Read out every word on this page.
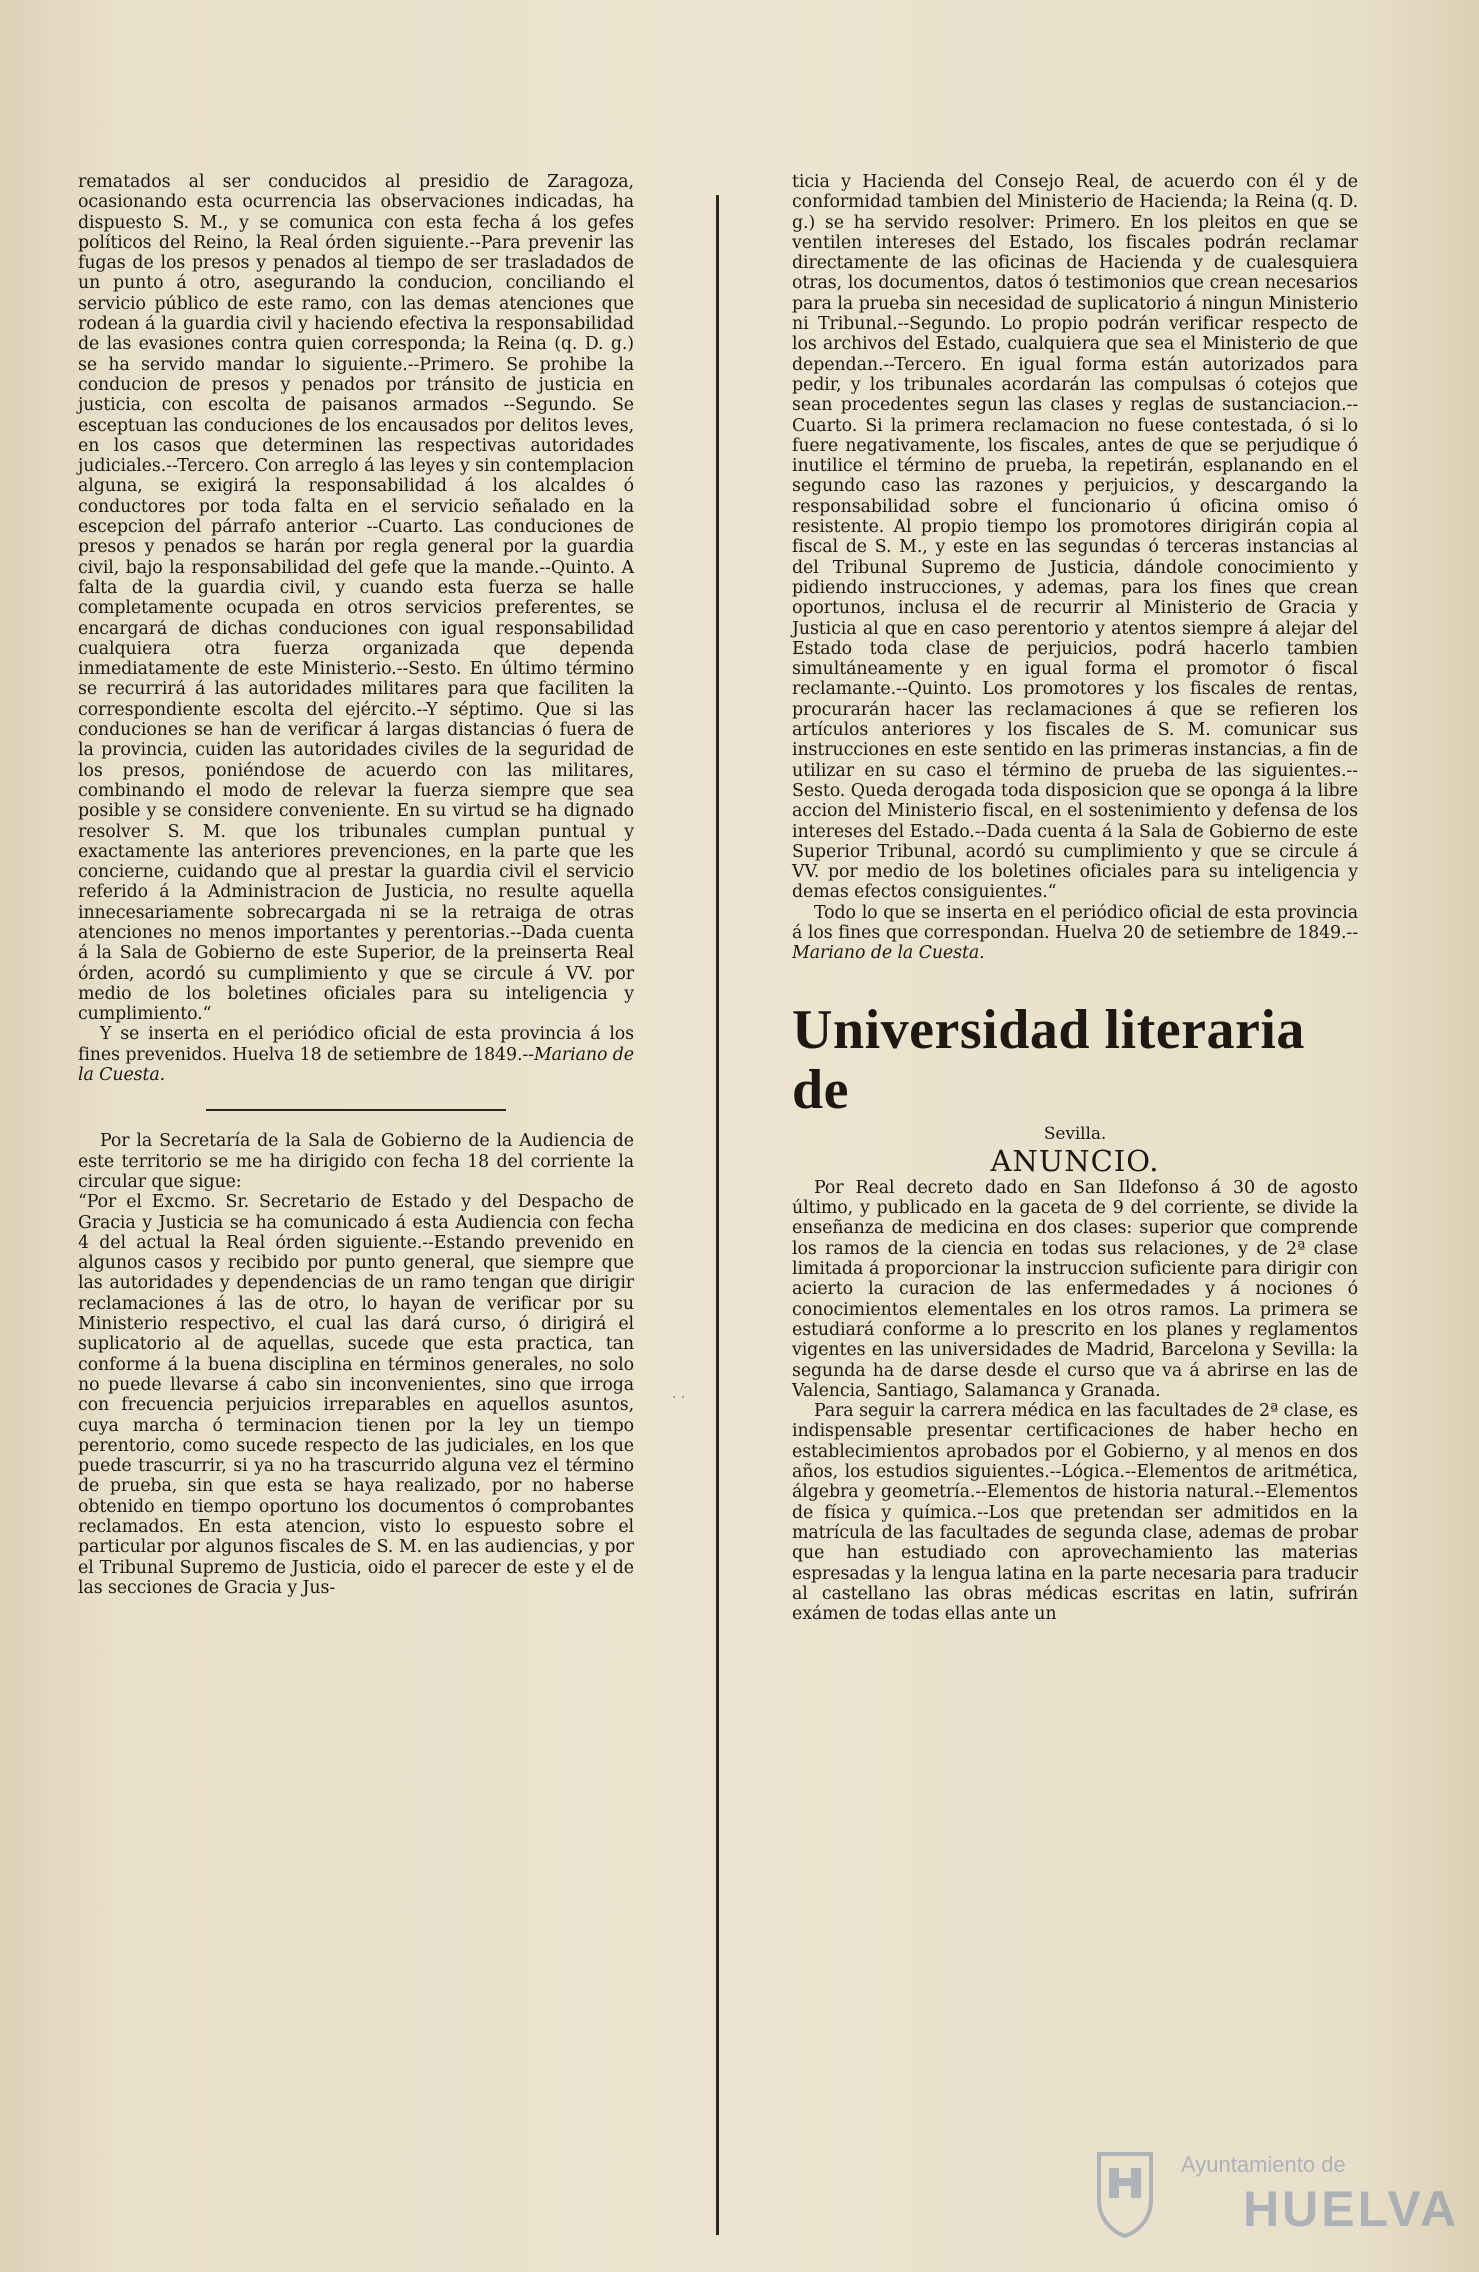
rematados al ser conducidos al presidio de Zaragoza, ocasionando esta ocurrencia las observaciones indicadas, ha dispuesto S. M., y se comunica con esta fecha á los gefes políticos del Reino, la Real órden siguiente.--Para prevenir las fugas de los presos y penados al tiempo de ser trasladados de un punto á otro, asegurando la conducion, conciliando el servicio público de este ramo, con las demas atenciones que rodean á la guardia civil y haciendo efectiva la responsabilidad de las evasiones contra quien corresponda; la Reina (q. D. g.) se ha servido mandar lo siguiente.--Primero. Se prohibe la conducion de presos y penados por tránsito de justicia en justicia, con escolta de paisanos armados --Segundo. Se esceptuan las conduciones de los encausados por delitos leves, en los casos que determinen las respectivas autoridades judiciales.--Tercero. Con arreglo á las leyes y sin contemplacion alguna, se exigirá la responsabilidad á los alcaldes ó conductores por toda falta en el servicio señalado en la escepcion del párrafo anterior --Cuarto. Las conduciones de presos y penados se harán por regla general por la guardia civil, bajo la responsabilidad del gefe que la mande.--Quinto. A falta de la guardia civil, y cuando esta fuerza se halle completamente ocupada en otros servicios preferentes, se encargará de dichas conduciones con igual responsabilidad cualquiera otra fuerza organizada que dependa inmediatamente de este Ministerio.--Sesto. En último término se recurrirá á las autoridades militares para que faciliten la correspondiente escolta del ejército.--Y séptimo. Que si las conduciones se han de verificar á largas distancias ó fuera de la provincia, cuiden las autoridades civiles de la seguridad de los presos, poniéndose de acuerdo con las militares, combinando el modo de relevar la fuerza siempre que sea posible y se considere conveniente. En su virtud se ha dignado resolver S. M. que los tribunales cumplan puntual y exactamente las anteriores prevenciones, en la parte que les concierne, cuidando que al prestar la guardia civil el servicio referido á la Administracion de Justicia, no resulte aquella innecesariamente sobrecargada ni se la retraiga de otras atenciones no menos importantes y perentorias.--Dada cuenta á la Sala de Gobierno de este Superior, de la preinserta Real órden, acordó su cumplimiento y que se circule á VV. por medio de los boletines oficiales para su inteligencia y cumplimiento.“

Y se inserta en el periódico oficial de esta provincia á los fines prevenidos. Huelva 18 de setiembre de 1849.--Mariano de la Cuesta.

Por la Secretaría de la Sala de Gobierno de la Audiencia de este territorio se me ha dirigido con fecha 18 del corriente la circular que sigue:

“Por el Excmo. Sr. Secretario de Estado y del Despacho de Gracia y Justicia se ha comunicado á esta Audiencia con fecha 4 del actual la Real órden siguiente.--Estando prevenido en algunos casos y recibido por punto general, que siempre que las autoridades y dependencias de un ramo tengan que dirigir reclamaciones á las de otro, lo hayan de verificar por su Ministerio respectivo, el cual las dará curso, ó dirigirá el suplicatorio al de aquellas, sucede que esta practica, tan conforme á la buena disciplina en términos generales, no solo no puede llevarse á cabo sin inconvenientes, sino que irroga con frecuencia perjuicios irreparables en aquellos asuntos, cuya marcha ó terminacion tienen por la ley un tiempo perentorio, como sucede respecto de las judiciales, en los que puede trascurrir, si ya no ha trascurrido alguna vez el término de prueba, sin que esta se haya realizado, por no haberse obtenido en tiempo oportuno los documentos ó comprobantes reclamados. En esta atencion, visto lo espuesto sobre el particular por algunos fiscales de S. M. en las audiencias, y por el Tribunal Supremo de Justicia, oido el parecer de este y el de las secciones de Gracia y Jus-

ticia y Hacienda del Consejo Real, de acuerdo con él y de conformidad tambien del Ministerio de Hacienda; la Reina (q. D. g.) se ha servido resolver: Primero. En los pleitos en que se ventilen intereses del Estado, los fiscales podrán reclamar directamente de las oficinas de Hacienda y de cualesquiera otras, los documentos, datos ó testimonios que crean necesarios para la prueba sin necesidad de suplicatorio á ningun Ministerio ni Tribunal.--Segundo. Lo propio podrán verificar respecto de los archivos del Estado, cualquiera que sea el Ministerio de que dependan.--Tercero. En igual forma están autorizados para pedir, y los tribunales acordarán las compulsas ó cotejos que sean procedentes segun las clases y reglas de sustanciacion.--Cuarto. Si la primera reclamacion no fuese contestada, ó si lo fuere negativamente, los fiscales, antes de que se perjudique ó inutilice el término de prueba, la repetirán, esplanando en el segundo caso las razones y perjuicios, y descargando la responsabilidad sobre el funcionario ú oficina omiso ó resistente. Al propio tiempo los promotores dirigirán copia al fiscal de S. M., y este en las segundas ó terceras instancias al del Tribunal Supremo de Justicia, dándole conocimiento y pidiendo instrucciones, y ademas, para los fines que crean oportunos, inclusa el de recurrir al Ministerio de Gracia y Justicia al que en caso perentorio y atentos siempre á alejar del Estado toda clase de perjuicios, podrá hacerlo tambien simultáneamente y en igual forma el promotor ó fiscal reclamante.--Quinto. Los promotores y los fiscales de rentas, procurarán hacer las reclamaciones á que se refieren los artículos anteriores y los fiscales de S. M. comunicar sus instrucciones en este sentido en las primeras instancias, a fin de utilizar en su caso el término de prueba de las siguientes.--Sesto. Queda derogada toda disposicion que se oponga á la libre accion del Ministerio fiscal, en el sostenimiento y defensa de los intereses del Estado.--Dada cuenta á la Sala de Gobierno de este Superior Tribunal, acordó su cumplimiento y que se circule á VV. por medio de los boletines oficiales para su inteligencia y demas efectos consiguientes.“

Todo lo que se inserta en el periódico oficial de esta provincia á los fines que correspondan. Huelva 20 de setiembre de 1849.--Mariano de la Cuesta.

Universidad literaria de

Sevilla.

ANUNCIO.

Por Real decreto dado en San Ildefonso á 30 de agosto último, y publicado en la gaceta de 9 del corriente, se divide la enseñanza de medicina en dos clases: superior que comprende los ramos de la ciencia en todas sus relaciones, y de 2ª clase limitada á proporcionar la instruccion suficiente para dirigir con acierto la curacion de las enfermedades y á nociones ó conocimientos elementales en los otros ramos. La primera se estudiará conforme a lo prescrito en los planes y reglamentos vigentes en las universidades de Madrid, Barcelona y Sevilla: la segunda ha de darse desde el curso que va á abrirse en las de Valencia, Santiago, Salamanca y Granada.

Para seguir la carrera médica en las facultades de 2ª clase, es indispensable presentar certificaciones de haber hecho en establecimientos aprobados por el Gobierno, y al menos en dos años, los estudios siguientes.--Lógica.--Elementos de aritmética, álgebra y geometría.--Elementos de historia natural.--Elementos de física y química.--Los que pretendan ser admitidos en la matrícula de las facultades de segunda clase, ademas de probar que han estudiado con aprovechamiento las materias espresadas y la lengua latina en la parte necesaria para traducir al castellano las obras médicas escritas en latin, sufrirán exámen de todas ellas ante un

· ·
Ayuntamiento de
HUELVA
